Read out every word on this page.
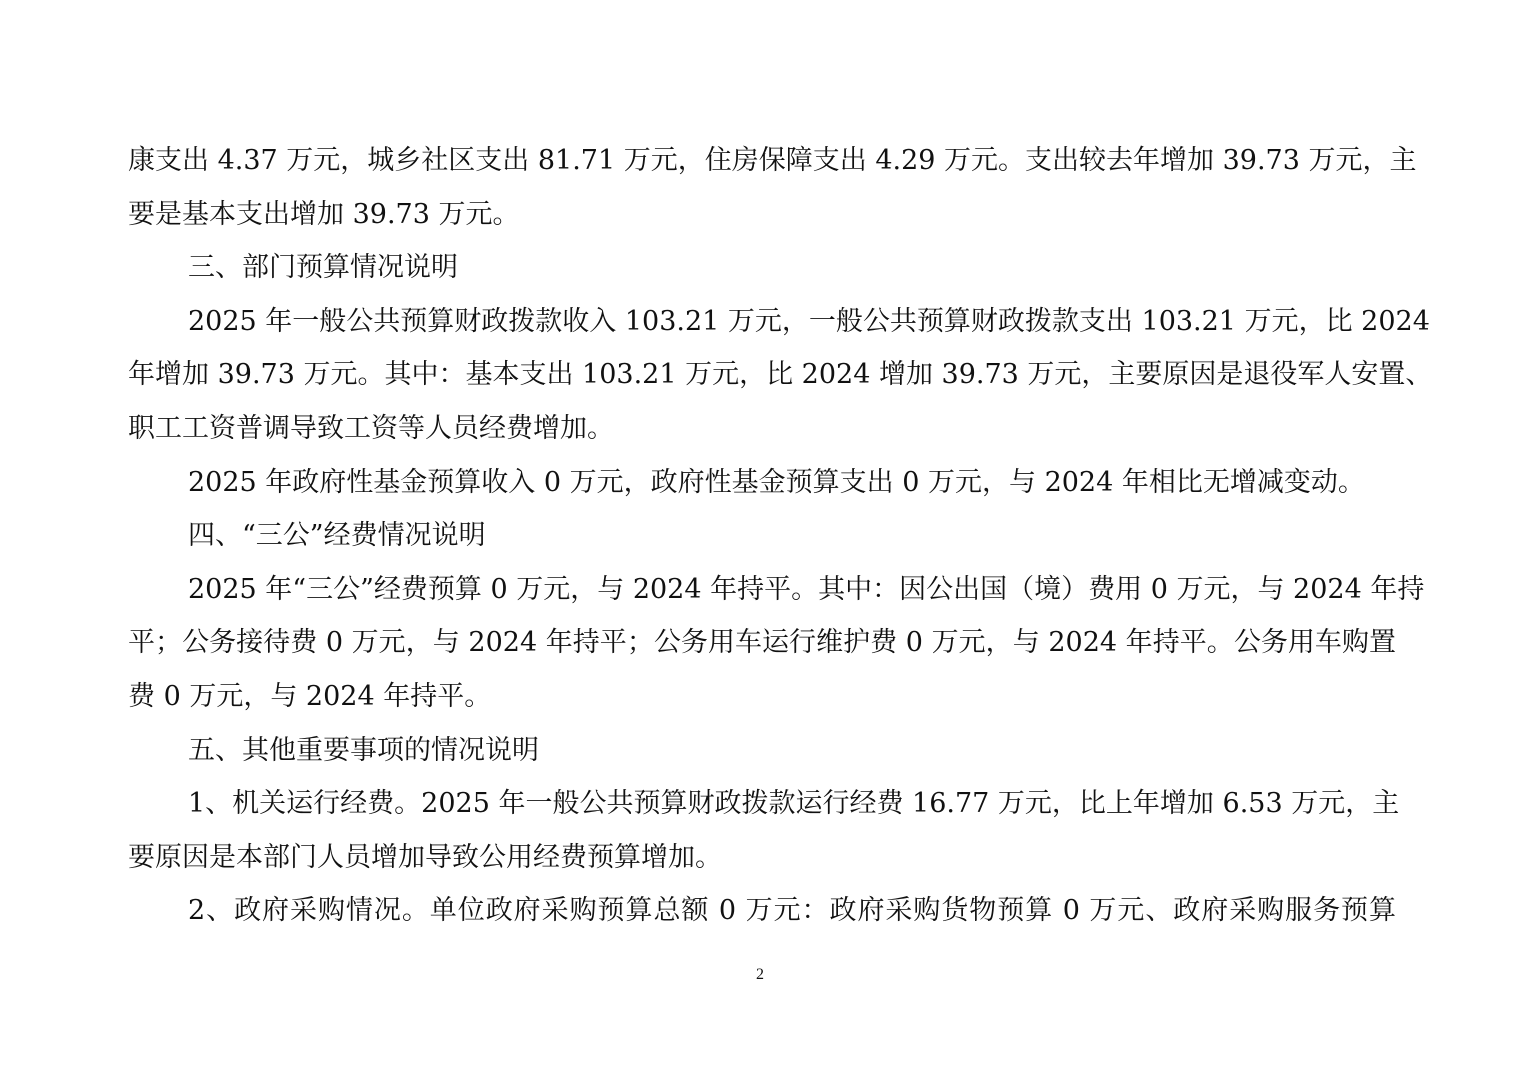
康支出 4.37 万元，城乡社区支出 81.71 万元，住房保障支出 4.29 万元。支出较去年增加 39.73 万元，主
要是基本支出增加 39.73 万元。
三、部门预算情况说明
2025 年一般公共预算财政拨款收入 103.21 万元，一般公共预算财政拨款支出 103.21 万元，比 2024
年增加 39.73 万元。其中：基本支出 103.21 万元，比 2024 增加 39.73 万元，主要原因是退役军人安置、
职工工资普调导致工资等人员经费增加。
2025 年政府性基金预算收入 0 万元，政府性基金预算支出 0 万元，与 2024 年相比无增减变动。
四、“三公”经费情况说明
2025 年“三公”经费预算 0 万元，与 2024 年持平。其中：因公出国（境）费用 0 万元，与 2024 年持
平；公务接待费 0 万元，与 2024 年持平；公务用车运行维护费 0 万元，与 2024 年持平。公务用车购置
费 0 万元，与 2024 年持平。
五、其他重要事项的情况说明
1、机关运行经费。2025 年一般公共预算财政拨款运行经费 16.77 万元，比上年增加 6.53 万元，主
要原因是本部门人员增加导致公用经费预算增加。
2、政府采购情况。单位政府采购预算总额 0 万元：政府采购货物预算 0 万元、政府采购服务预算
2
